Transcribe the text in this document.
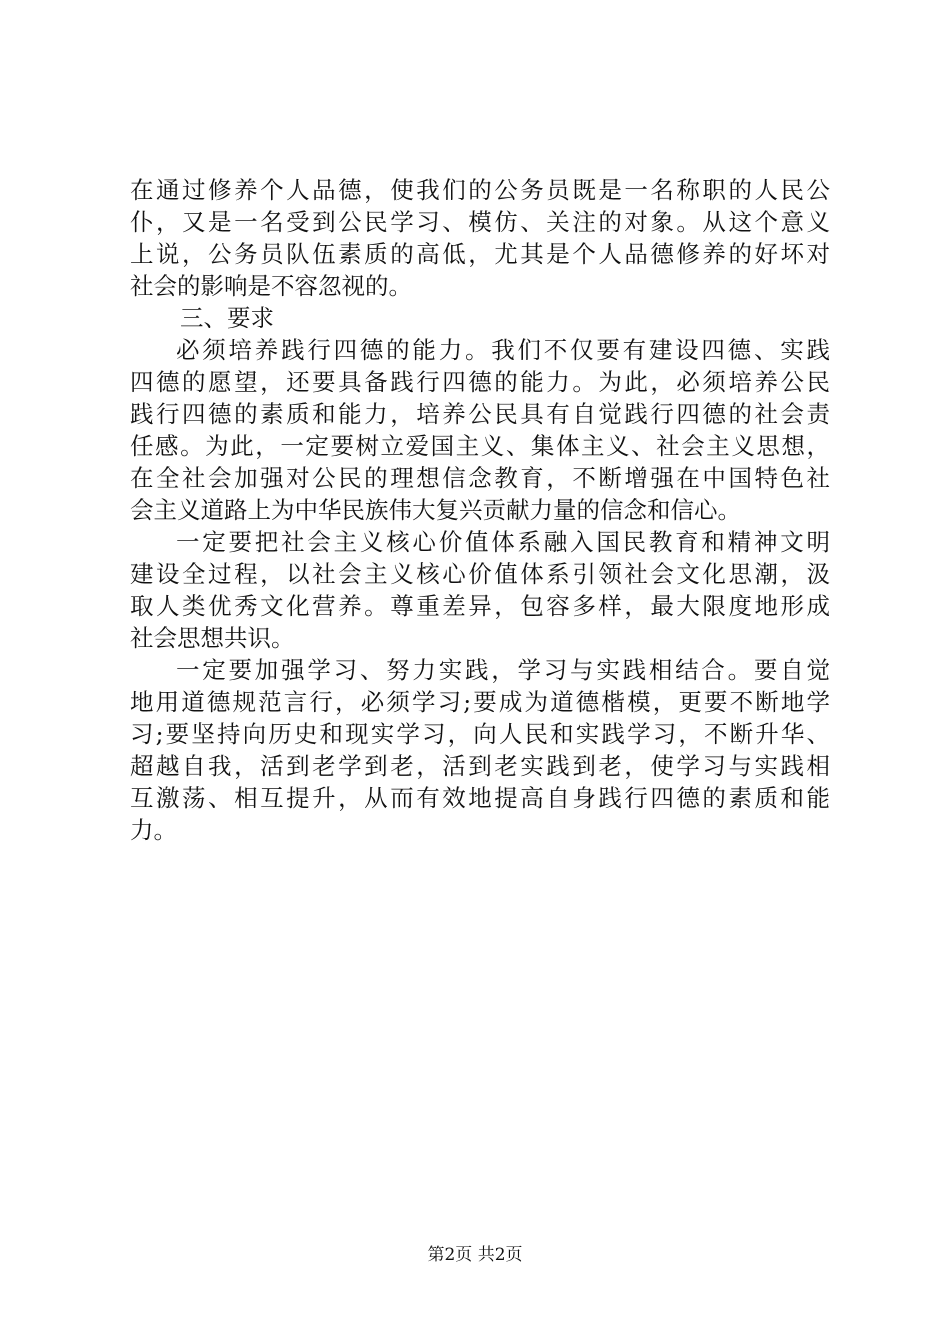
在通过修养个人品德，使我们的公务员既是一名称职的人民公
仆，又是一名受到公民学习、模仿、关注的对象。从这个意义
上说，公务员队伍素质的高低，尤其是个人品德修养的好坏对
社会的影响是不容忽视的。
三、要求
必须培养践行四德的能力。我们不仅要有建设四德、实践
四德的愿望，还要具备践行四德的能力。为此，必须培养公民
践行四德的素质和能力，培养公民具有自觉践行四德的社会责
任感。为此，一定要树立爱国主义、集体主义、社会主义思想，
在全社会加强对公民的理想信念教育，不断增强在中国特色社
会主义道路上为中华民族伟大复兴贡献力量的信念和信心。
一定要把社会主义核心价值体系融入国民教育和精神文明
建设全过程，以社会主义核心价值体系引领社会文化思潮，汲
取人类优秀文化营养。尊重差异，包容多样，最大限度地形成
社会思想共识。
一定要加强学习、努力实践，学习与实践相结合。要自觉
地用道德规范言行，必须学习;要成为道德楷模，更要不断地学
习;要坚持向历史和现实学习，向人民和实践学习，不断升华、
超越自我，活到老学到老，活到老实践到老，使学习与实践相
互激荡、相互提升，从而有效地提高自身践行四德的素质和能
力。
第2页 共2页
